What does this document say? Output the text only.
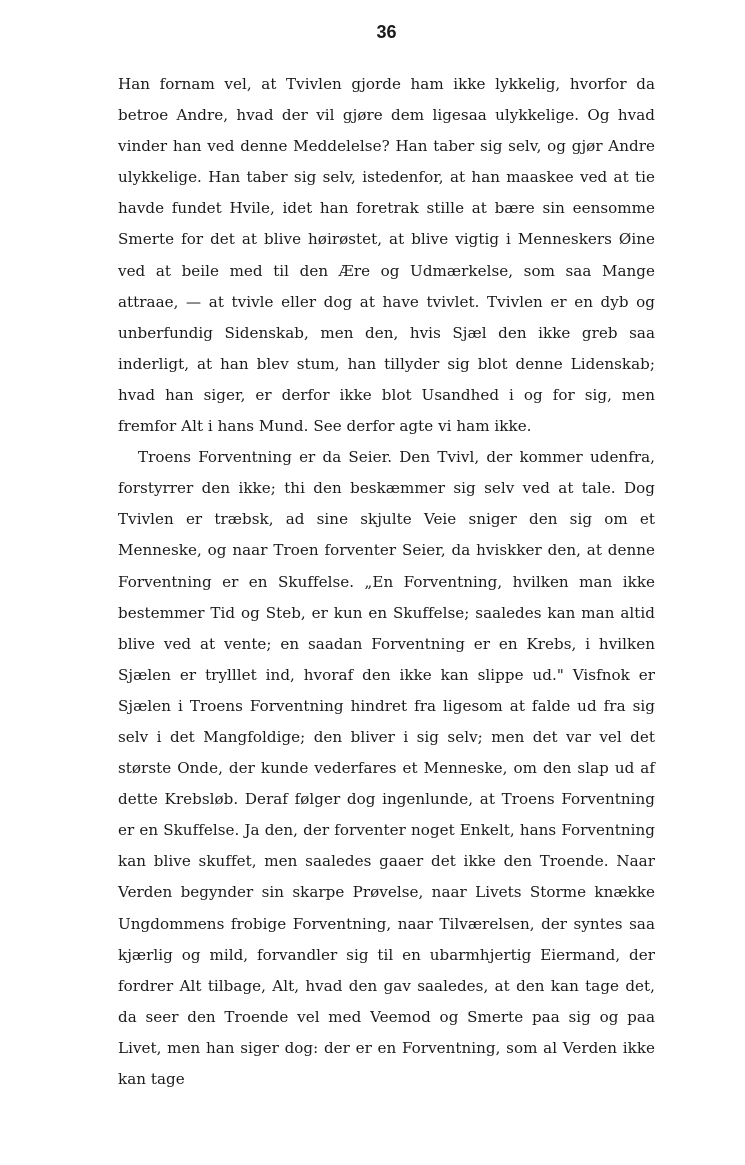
36

Han fornam vel, at Tvivlen gjorde ham ikke lykkelig, hvorfor da betroe Andre, hvad der vil gjøre dem ligesaa ulykkelige. Og hvad vinder han ved denne Meddelelse? Han taber sig selv, og gjør Andre ulykkelige. Han taber sig selv, istedenfor, at han maaskee ved at tie havde fundet Hvile, idet han foretrak stille at bære sin eensomme Smerte for det at blive høirøstet, at blive vigtig i Menneskers Øine ved at beile med til den Ære og Udmærkelse, som saa Mange attraae, — at tvivle eller dog at have tvivlet. Tvivlen er en dyb og unberfundig Sidenskab, men den, hvis Sjæl den ikke greb saa inderligt, at han blev stum, han tillyder sig blot denne Lidenskab; hvad han siger, er derfor ikke blot Usandhed i og for sig, men fremfor Alt i hans Mund. See derfor agte vi ham ikke.

Troens Forventning er da Seier. Den Tvivl, der kommer udenfra, forstyrrer den ikke; thi den beskæmmer sig selv ved at tale. Dog Tvivlen er træbsk, ad sine skjulte Veie sniger den sig om et Menneske, og naar Troen forventer Seier, da hviskker den, at denne Forventning er en Skuffelse. „En Forventning, hvilken man ikke bestemmer Tid og Steb, er kun en Skuffelse; saaledes kan man altid blive ved at vente; en saadan Forventning er en Krebs, i hvilken Sjælen er trylllet ind, hvoraf den ikke kan slippe ud." Visfnok er Sjælen i Troens Forventning hindret fra ligesom at falde ud fra sig selv i det Mangfoldige; den bliver i sig selv; men det var vel det største Onde, der kunde vederfares et Menneske, om den slap ud af dette Krebsløb. Deraf følger dog ingenlunde, at Troens Forventning er en Skuffelse. Ja den, der forventer noget Enkelt, hans Forventning kan blive skuffet, men saaledes gaaer det ikke den Troende. Naar Verden begynder sin skarpe Prøvelse, naar Livets Storme knække Ungdommens frobige Forventning, naar Tilværelsen, der syntes saa kjærlig og mild, forvandler sig til en ubarmhjertig Eiermand, der fordrer Alt tilbage, Alt, hvad den gav saaledes, at den kan tage det, da seer den Troende vel med Veemod og Smerte paa sig og paa Livet, men han siger dog: der er en Forventning, som al Verden ikke kan tage
